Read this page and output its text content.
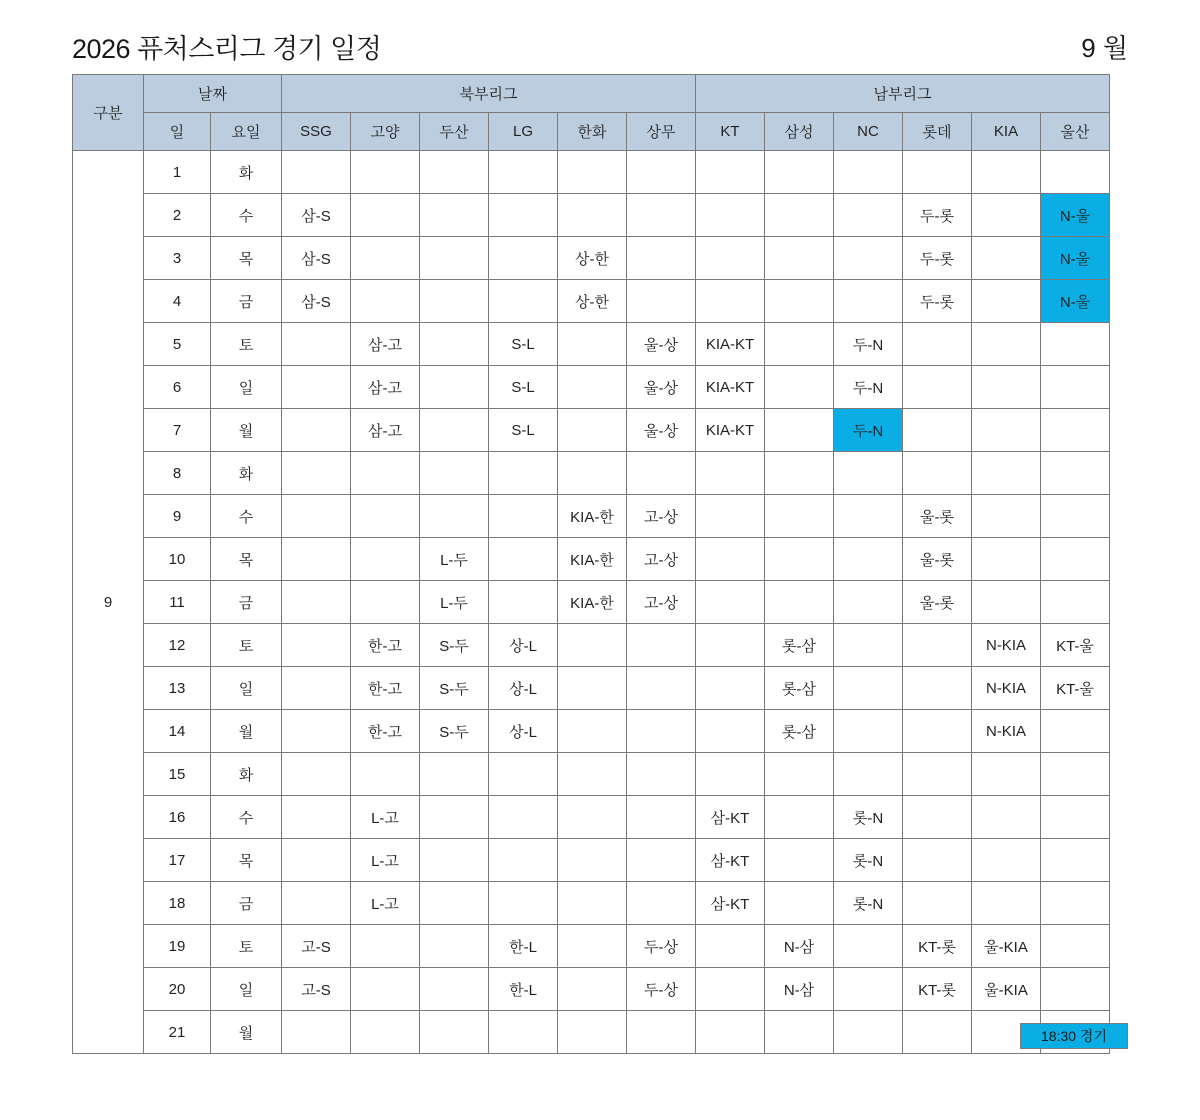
2026 퓨처스리그 경기 일정	9 월
구분	날짜		북부리그						남부리그					
	일	요일	SSG	고양	두산	LG	한화	상무	KT	삼성	NC	롯데	KIA	울산
9	1	화												
	2	수	삼-S									두-롯		N-울
	3	목	삼-S				상-한					두-롯		N-울
	4	금	삼-S				상-한					두-롯		N-울
	5	토		삼-고		S-L		울-상	KIA-KT		두-N			
	6	일		삼-고		S-L		울-상	KIA-KT		두-N			
	7	월		삼-고		S-L		울-상	KIA-KT		두-N			
	8	화												
	9	수					KIA-한	고-상				울-롯		
	10	목			L-두		KIA-한	고-상				울-롯		
	11	금			L-두		KIA-한	고-상				울-롯		
	12	토		한-고	S-두	상-L				롯-삼			N-KIA	KT-울
	13	일		한-고	S-두	상-L				롯-삼			N-KIA	KT-울
	14	월		한-고	S-두	상-L				롯-삼			N-KIA	
	15	화												
	16	수		L-고					삼-KT		롯-N			
	17	목		L-고					삼-KT		롯-N			
	18	금		L-고					삼-KT		롯-N			
	19	토	고-S			한-L		두-상		N-삼		KT-롯	울-KIA	
	20	일	고-S			한-L		두-상		N-삼		KT-롯	울-KIA	
	21	월													18:30 경기
